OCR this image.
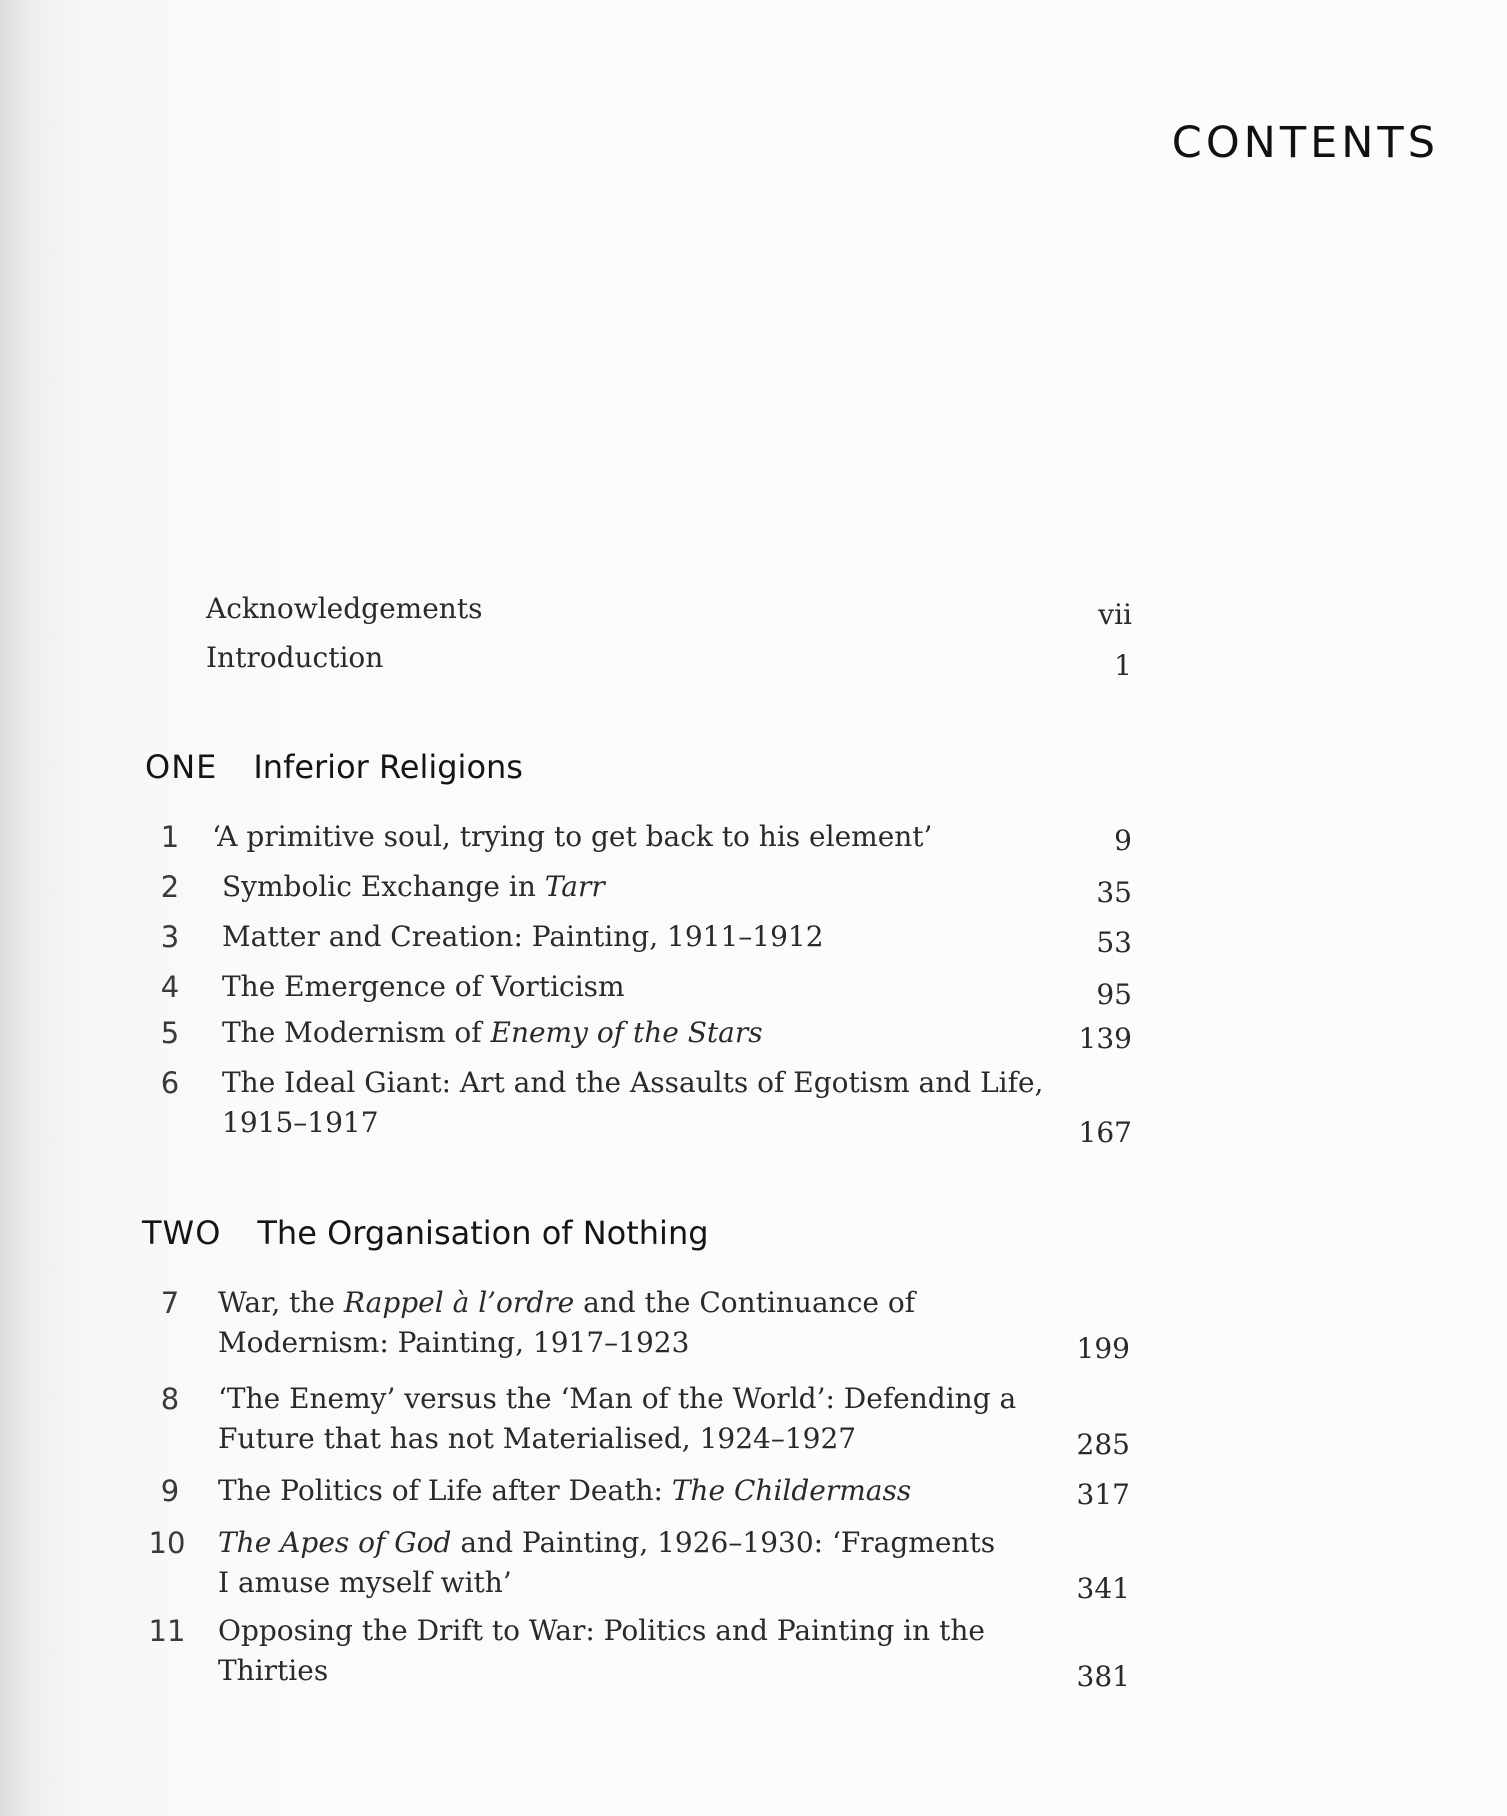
CONTENTS
Acknowledgements	vii
Introduction	1
ONE Inferior Religions
1	‘A primitive soul, trying to get back to his element’	9
2	Symbolic Exchange in Tarr	35
3	Matter and Creation: Painting, 1911–1912	53
4	The Emergence of Vorticism	95
5	The Modernism of Enemy of the Stars	139
6	The Ideal Giant: Art and the Assaults of Egotism and Life,
1915–1917	167
TWO The Organisation of Nothing
7	War, the Rappel à l’ordre and the Continuance of
Modernism: Painting, 1917–1923	199
8	‘The Enemy’ versus the ‘Man of the World’: Defending a
Future that has not Materialised, 1924–1927	285
9	The Politics of Life after Death: The Childermass	317
10 The Apes of God and Painting, 1926–1930: ‘Fragments
I amuse myself with’	341
11 Opposing the Drift to War: Politics and Painting in the
Thirties	381
